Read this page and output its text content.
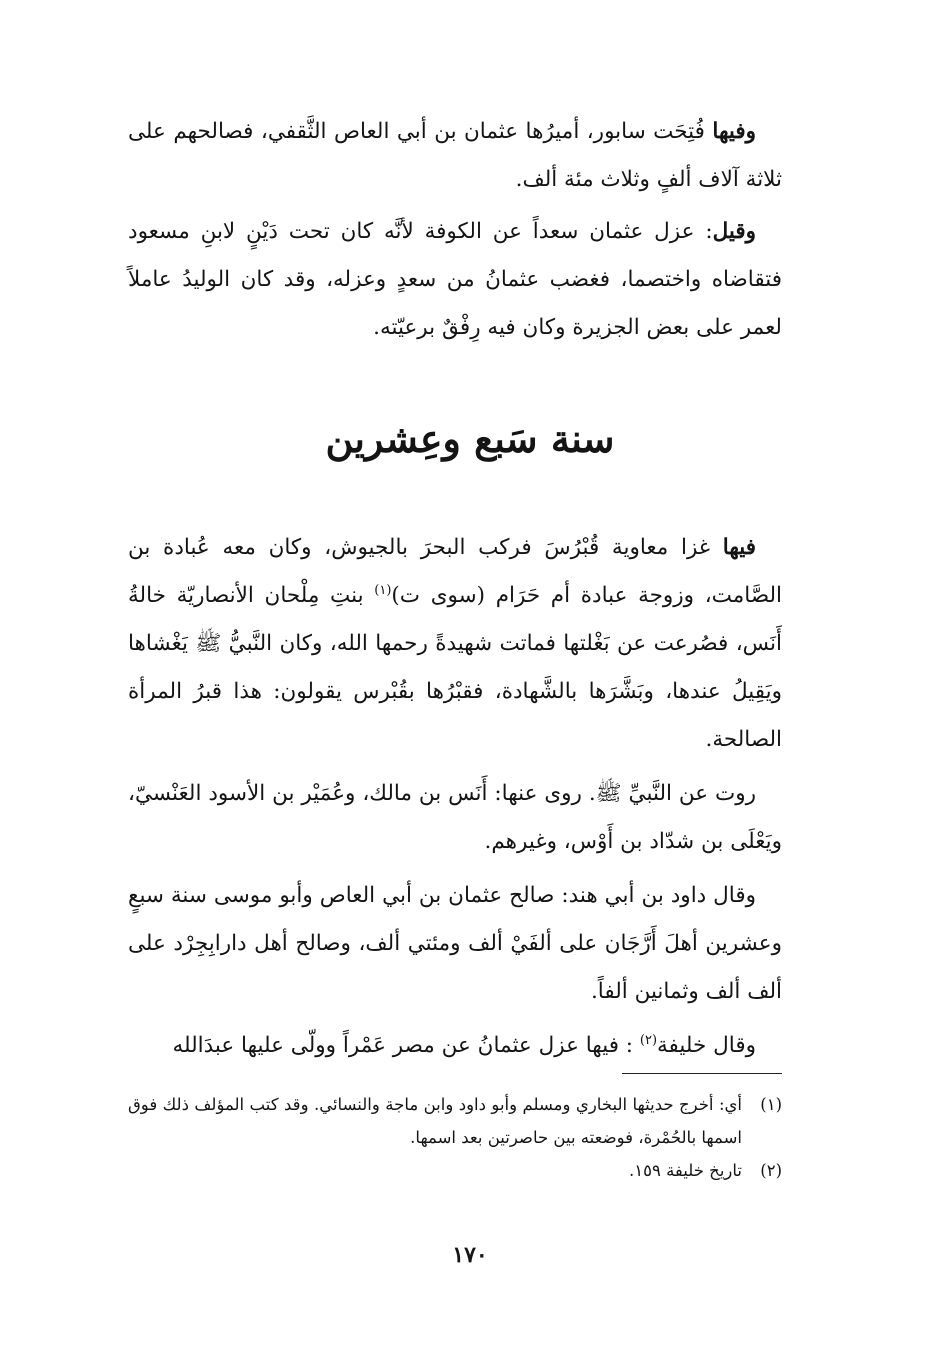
وفيها فُتِحَت سابور، أميرُها عثمان بن أبي العاص الثَّقفي، فصالحهم على ثلاثة آلاف ألفٍ وثلاث مئة ألف.

وقيل: عزل عثمان سعداً عن الكوفة لأنَّه كان تحت دَيْنٍ لابنِ مسعود فتقاضاه واختصما، فغضب عثمانُ من سعدٍ وعزله، وقد كان الوليدُ عاملاً لعمر على بعض الجزيرة وكان فيه رِفْقٌ برعيّته.

سنة سَبع وعِشرين

فيها غزا معاوية قُبْرُسَ فركب البحرَ بالجيوش، وكان معه عُبادة بن الصَّامت، وزوجة عبادة أم حَرَام (سوى ت)$^{(١)}$ بنتِ مِلْحان الأنصاريّة خالةُ أَنَس، فصُرعت عن بَغْلتها فماتت شهيدةً رحمها الله، وكان النَّبيُّ ﷺ يَغْشاها ويَقِيلُ عندها، وبَشَّرَها بالشَّهادة، فقبْرُها بقُبْرس يقولون: هذا قبرُ المرأة الصالحة.

روت عن النَّبيِّ ﷺ. روى عنها: أَنَس بن مالك، وعُمَيْر بن الأسود العَنْسيّ، ويَعْلَى بن شدّاد بن أَوْس، وغيرهم.

وقال داود بن أبي هند: صالح عثمان بن أبي العاص وأبو موسى سنة سبعٍ وعشرين أهلَ أَرَّجَان على ألفَيْ ألف ومئتي ألف، وصالح أهل دارابِجِرْد على ألف ألف وثمانين ألفاً.

وقال خليفة$^{(٢)}$ : فيها عزل عثمانُ عن مصر عَمْراً وولّى عليها عبدَالله

(١)
أي: أخرج حديثها البخاري ومسلم وأبو داود وابن ماجة والنسائي. وقد كتب المؤلف ذلك فوق اسمها بالحُمْرة، فوضعته بين حاصرتين بعد اسمها.
(٢)
تاريخ خليفة ١٥٩.
١٧٠
